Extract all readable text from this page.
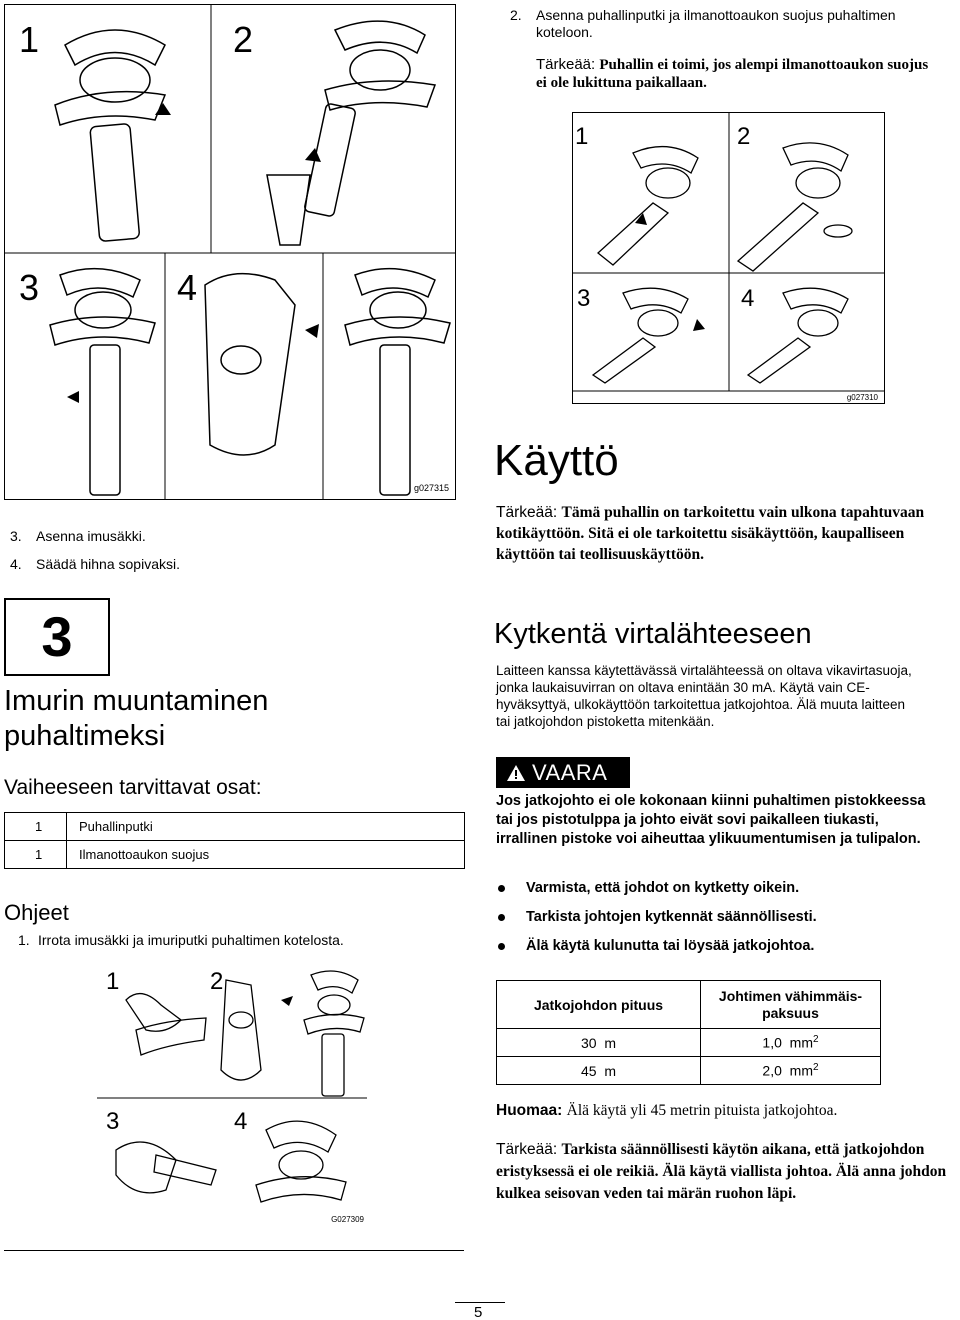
1	2
3	4
g027315
2.	Asenna puhallinputki ja ilmanottoaukon suojus puhaltimen koteloon.
Tärkeää: Puhallin ei toimi, jos alempi ilmanottoaukon suojus ei ole lukittuna paikallaan.
1	2
3	4
g027310
3. Asenna imusäkki.
4. Säädä hihna sopivaksi.
3
Imurin muuntaminen
puhaltimeksi
Vaiheeseen tarvittavat osat:
1	Puhallinputki
1	Ilmanottoaukon suojus
Ohjeet
1. Irrota imusäkki ja imuriputki puhaltimen kotelosta.
1	2
3	4
G027309
Käyttö
Tärkeää: Tämä puhallin on tarkoitettu vain ulkona tapahtuvaan kotikäyttöön. Sitä ei ole tarkoitettu sisäkäyttöön, kaupalliseen käyttöön tai teollisuuskäyttöön.
Kytkentä virtalähteeseen
Laitteen kanssa käytettävässä virtalähteessä on oltava vikavirtasuoja, jonka laukaisuvirran on oltava enintään 30 mA. Käytä vain CE-hyväksyttyä, ulkokäyttöön tarkoitettua jatkojohtoa. Älä muuta laitteen tai jatkojohdon pistoketta mitenkään.
VAARA
Jos jatkojohto ei ole kokonaan kiinni puhaltimen pistokkeessa tai jos pistotulppa ja johto eivät sovi paikalleen tiukasti, irrallinen pistoke voi aiheuttaa ylikuumentumisen ja tulipalon.
Varmista, että johdot on kytketty oikein.
Tarkista johtojen kytkennät säännöllisesti.
Älä käytä kulunutta tai löysää jatkojohtoa.
Jatkojohdon pituus	Johtimen vähimmäis-
paksuus

30  m	1,0  $mm^2$
45  m	2,0  $mm^2$
Huomaa: Älä käytä yli 45 metrin pituista jatkojohtoa.
Tärkeää: Tarkista säännöllisesti käytön aikana, että jatkojohdon eristyksessä ei ole reikiä. Älä käytä viallista johtoa. Älä anna johdon kulkea seisovan veden tai märän ruohon läpi.
5
